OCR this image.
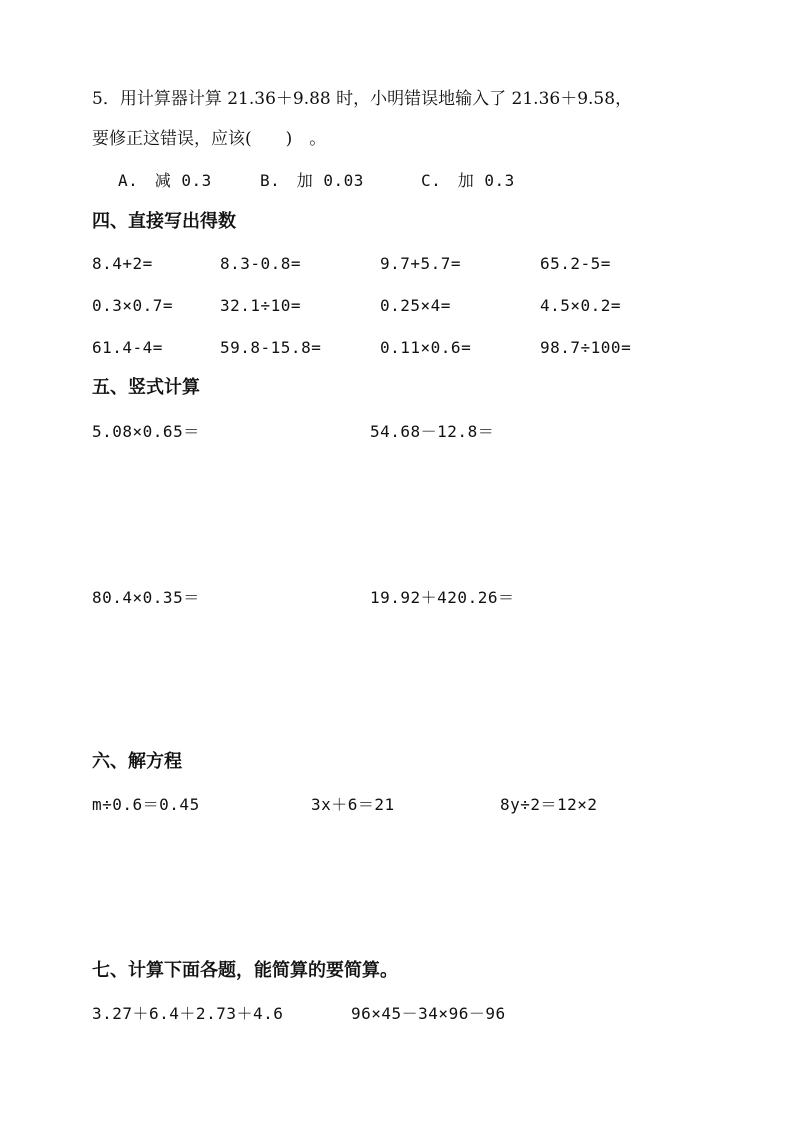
5．用计算器计算 21.36＋9.88 时，小明错误地输入了 21.36＋9.58，
要修正这错误，应该(　　)　。
A.　减 0.3	B.　加 0.03	C.　加 0.3
四、直接写出得数
8.4+2=	8.3-0.8=	9.7+5.7=	65.2-5=
0.3×0.7=	32.1÷10=	0.25×4=	4.5×0.2=
61.4-4=	59.8-15.8=	0.11×0.6=	98.7÷100=
五、竖式计算
5.08×0.65＝	54.68－12.8＝
80.4×0.35＝	19.92＋420.26＝
六、解方程
m÷0.6＝0.45	3x＋6＝21	8y÷2＝12×2
七、计算下面各题，能简算的要简算。
3.27＋6.4＋2.73＋4.6	96×45－34×96－96
